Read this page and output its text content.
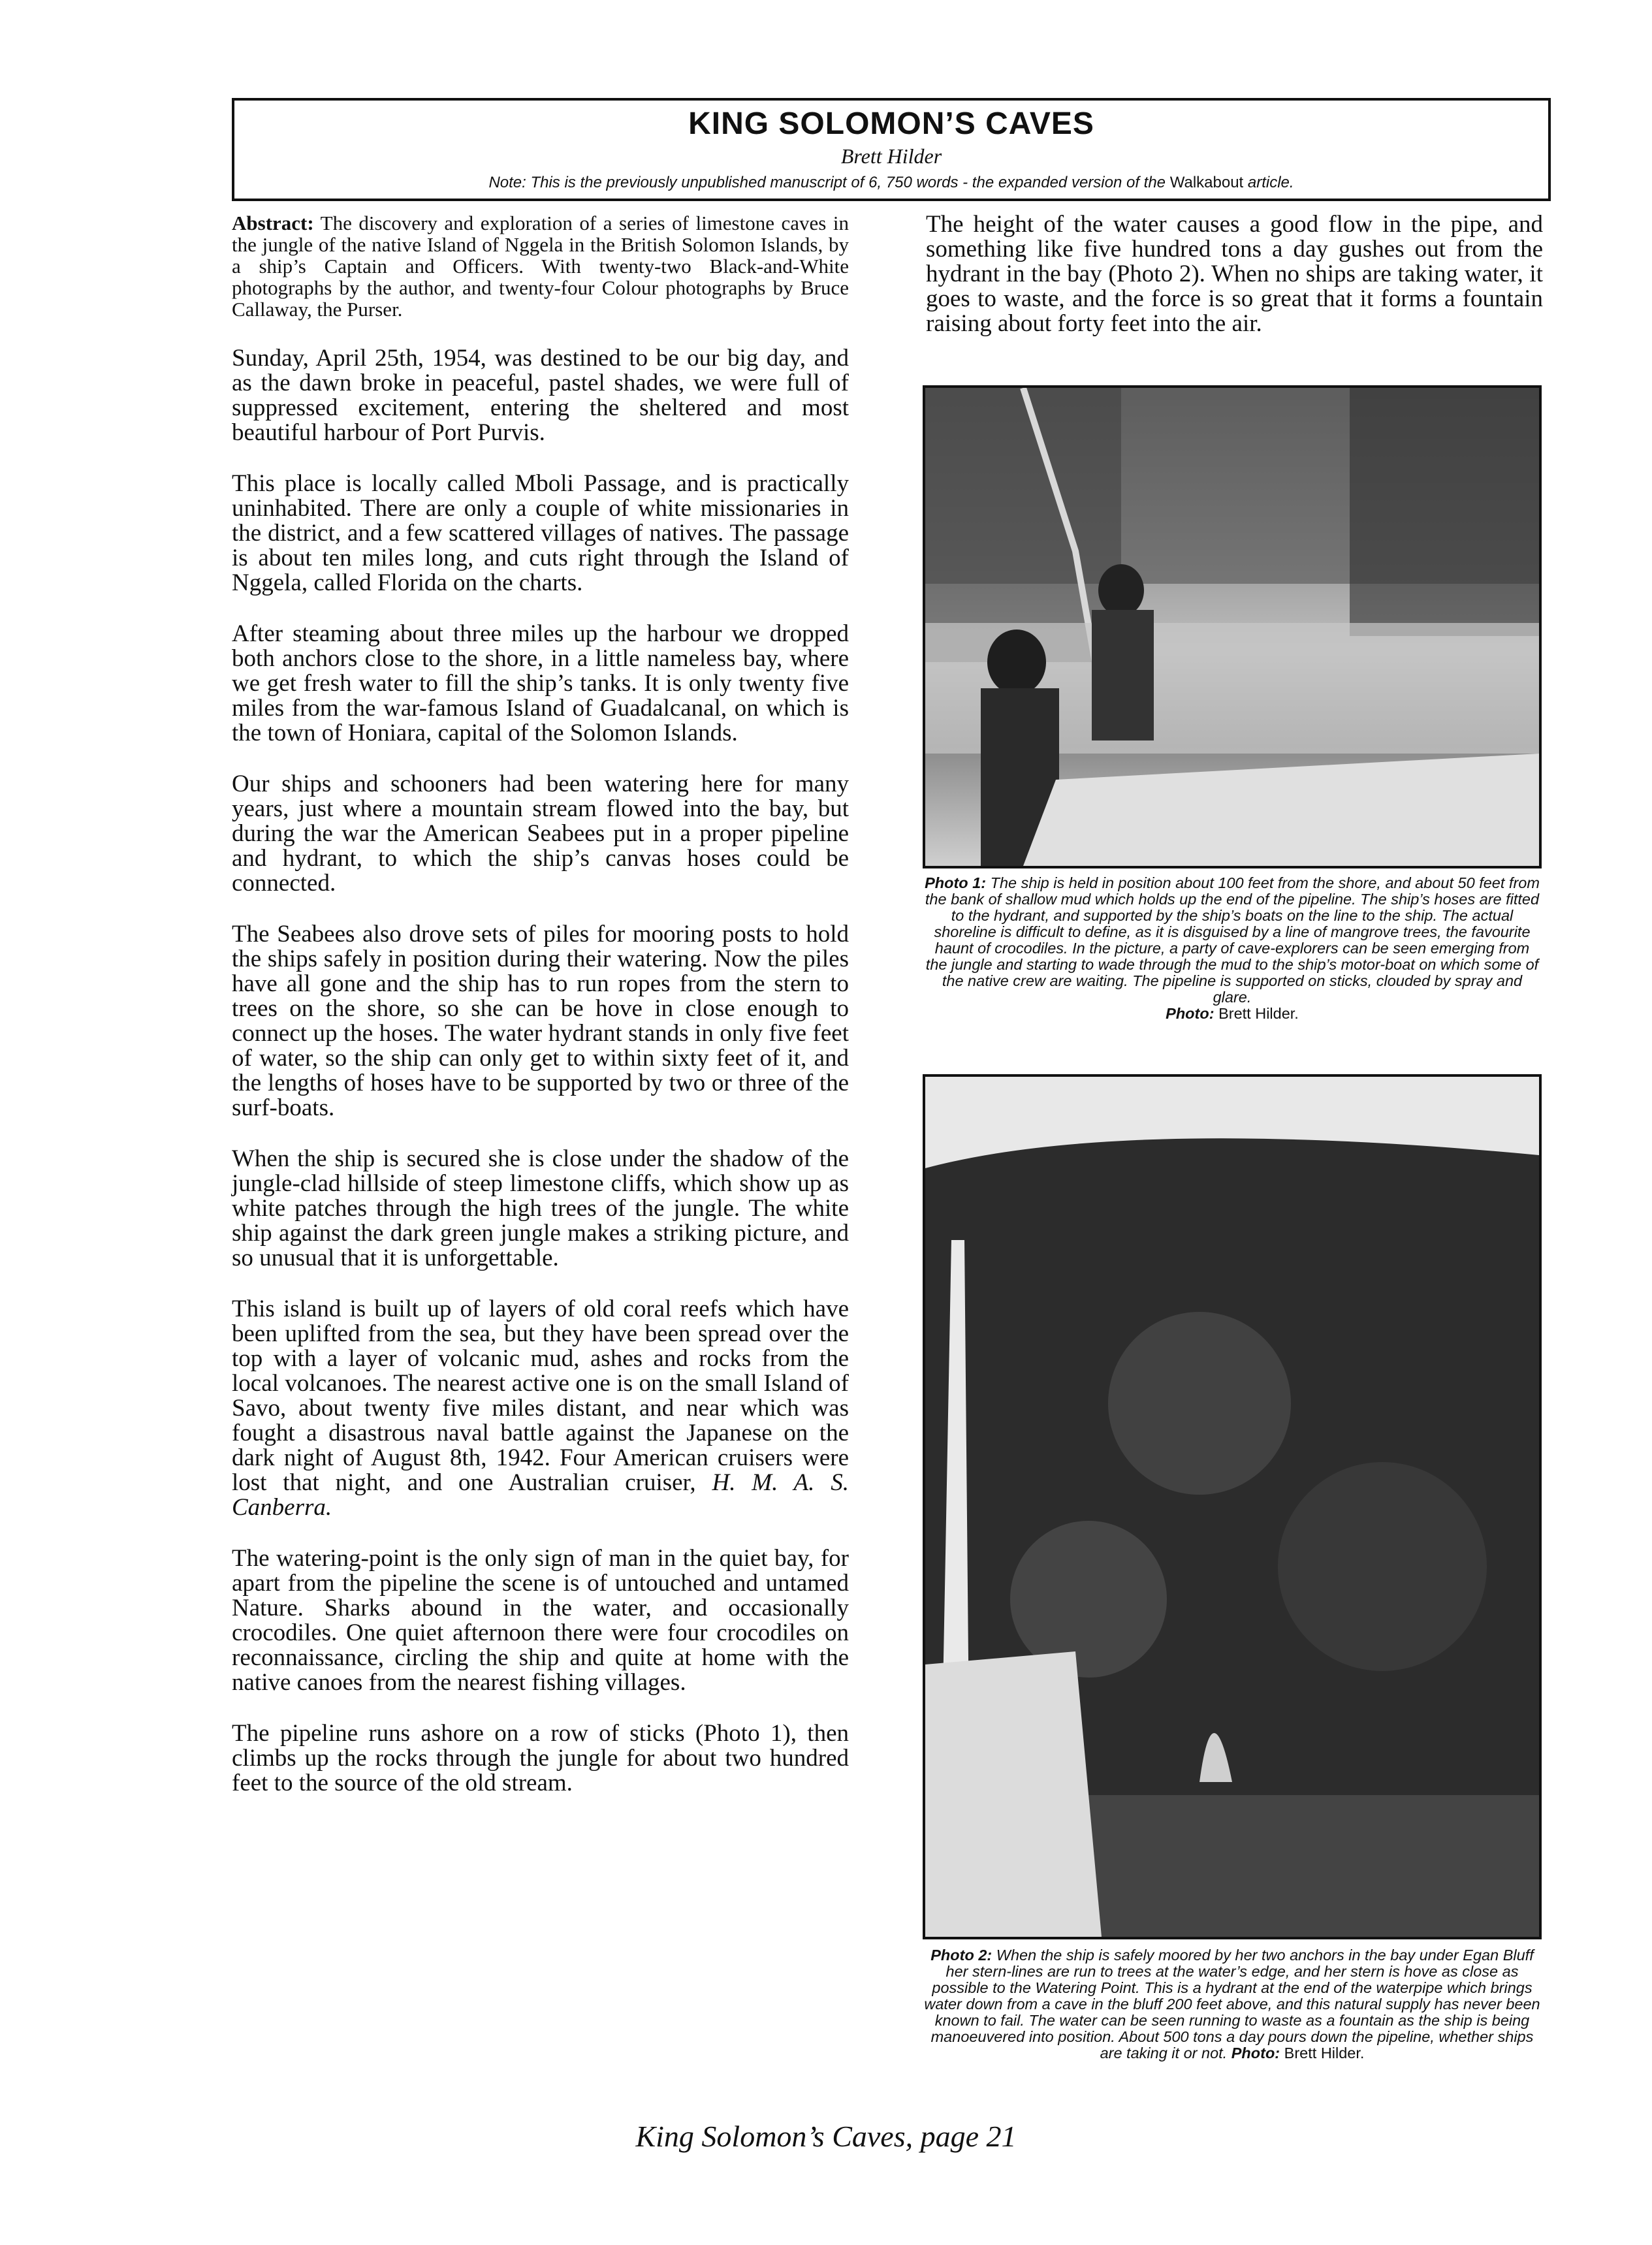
KING SOLOMON’S CAVES
Brett Hilder
Note: This is the previously unpublished manuscript of 6, 750 words - the expanded version of the Walkabout article.

Abstract: The discovery and exploration of a series of limestone caves in the jungle of the native Island of Nggela in the British Solomon Islands, by a ship’s Captain and Officers. With twenty-two Black-and-White photographs by the author, and twenty-four Colour photographs by Bruce Callaway, the Purser.

Sunday, April 25th, 1954, was destined to be our big day, and as the dawn broke in peaceful, pastel shades, we were full of suppressed excitement, entering the sheltered and most beautiful harbour of Port Purvis.

This place is locally called Mboli Passage, and is practically uninhabited. There are only a couple of white missionaries in the district, and a few scattered villages of natives. The passage is about ten miles long, and cuts right through the Island of Nggela, called Florida on the charts.

After steaming about three miles up the harbour we dropped both anchors close to the shore, in a little nameless bay, where we get fresh water to fill the ship’s tanks. It is only twenty five miles from the war-famous Island of Guadalcanal, on which is the town of Honiara, capital of the Solomon Islands.

Our ships and schooners had been watering here for many years, just where a mountain stream flowed into the bay, but during the war the American Seabees put in a proper pipeline and hydrant, to which the ship’s canvas hoses could be connected.

The Seabees also drove sets of piles for mooring posts to hold the ships safely in position during their watering. Now the piles have all gone and the ship has to run ropes from the stern to trees on the shore, so she can be hove in close enough to connect up the hoses. The water hydrant stands in only five feet of water, so the ship can only get to within sixty feet of it, and the lengths of hoses have to be supported by two or three of the surf-boats.

When the ship is secured she is close under the shadow of the jungle-clad hillside of steep limestone cliffs, which show up as white patches through the high trees of the jungle. The white ship against the dark green jungle makes a striking picture, and so unusual that it is unforgettable.

This island is built up of layers of old coral reefs which have been uplifted from the sea, but they have been spread over the top with a layer of volcanic mud, ashes and rocks from the local volcanoes. The nearest active one is on the small Island of Savo, about twenty five miles distant, and near which was fought a disastrous naval battle against the Japanese on the dark night of August 8th, 1942. Four American cruisers were lost that night, and one Australian cruiser, H. M. A. S. Canberra.

The watering-point is the only sign of man in the quiet bay, for apart from the pipeline the scene is of untouched and untamed Nature. Sharks abound in the water, and occasionally crocodiles. One quiet afternoon there were four crocodiles on reconnaissance, circling the ship and quite at home with the native canoes from the nearest fishing villages.

The pipeline runs ashore on a row of sticks (Photo 1), then climbs up the rocks through the jungle for about two hundred feet to the source of the old stream.

The height of the water causes a good flow in the pipe, and something like five hundred tons a day gushes out from the hydrant in the bay (Photo 2). When no ships are taking water, it goes to waste, and the force is so great that it forms a fountain raising about forty feet into the air.

Photo 1: The ship is held in position about 100 feet from the shore, and about 50 feet from the bank of shallow mud which holds up the end of the pipeline. The ship’s hoses are fitted to the hydrant, and supported by the ship’s boats on the line to the ship. The actual shoreline is difficult to define, as it is disguised by a line of mangrove trees, the favourite haunt of crocodiles. In the picture, a party of cave-explorers can be seen emerging from the jungle and starting to wade through the mud to the ship’s motor-boat on which some of the native crew are waiting. The pipeline is supported on sticks, clouded by spray and glare.
Photo: Brett Hilder.
Photo 2: When the ship is safely moored by her two anchors in the bay under Egan Bluff her stern-lines are run to trees at the water’s edge, and her stern is hove as close as possible to the Watering Point. This is a hydrant at the end of the waterpipe which brings water down from a cave in the bluff 200 feet above, and this natural supply has never been known to fail. The water can be seen running to waste as a fountain as the ship is being manoeuvered into position. About 500 tons a day pours down the pipeline, whether ships are taking it or not. Photo: Brett Hilder.
King Solomon’s Caves, page 21
